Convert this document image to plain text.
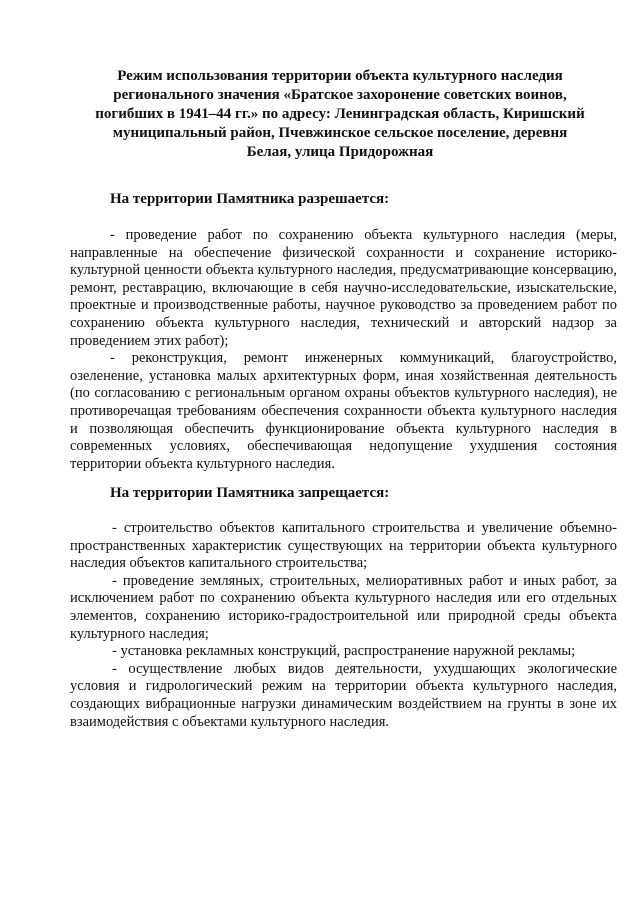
Режим использования территории объекта культурного наследия регионального значения «Братское захоронение советских воинов, погибших в 1941–44 гг.» по адресу: Ленинградская область, Киришский муниципальный район, Пчевжинское сельское поселение, деревня Белая, улица Придорожная
На территории Памятника разрешается:

- проведение работ по сохранению объекта культурного наследия (меры, направленные на обеспечение физической сохранности и сохранение историко-культурной ценности объекта культурного наследия, предусматривающие консервацию, ремонт, реставрацию, включающие в себя научно-исследовательские, изыскательские, проектные и производственные работы, научное руководство за проведением работ по сохранению объекта культурного наследия, технический и авторский надзор за проведением этих работ);

- реконструкция, ремонт инженерных коммуникаций, благоустройство, озеленение, установка малых архитектурных форм, иная хозяйственная деятельность (по согласованию с региональным органом охраны объектов культурного наследия), не противоречащая требованиям обеспечения сохранности объекта культурного наследия и позволяющая обеспечить функционирование объекта культурного наследия в современных условиях, обеспечивающая недопущение ухудшения состояния территории объекта культурного наследия.

На территории Памятника запрещается:

- строительство объектов капитального строительства и увеличение объемно-пространственных характеристик существующих на территории объекта культурного наследия объектов капитального строительства;

- проведение земляных, строительных, мелиоративных работ и иных работ, за исключением работ по сохранению объекта культурного наследия или его отдельных элементов, сохранению историко-градостроительной или природной среды объекта культурного наследия;

- установка рекламных конструкций, распространение наружной рекламы;

- осуществление любых видов деятельности, ухудшающих экологические условия и гидрологический режим на территории объекта культурного наследия, создающих вибрационные нагрузки динамическим воздействием на грунты в зоне их взаимодействия с объектами культурного наследия.
